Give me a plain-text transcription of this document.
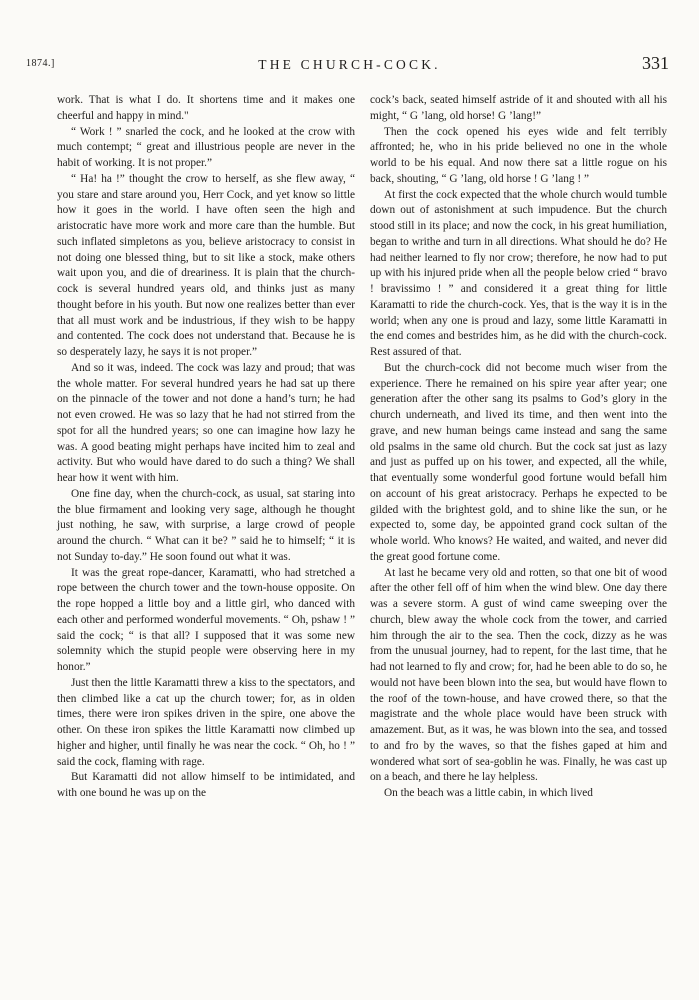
1874.]	THE CHURCH-COCK.	331

work. That is what I do. It shortens time and it makes one cheerful and happy in mind."

“ Work ! ” snarled the cock, and he looked at the crow with much contempt; “ great and illustrious people are never in the habit of working. It is not proper.”

“ Ha! ha !” thought the crow to herself, as she flew away, “ you stare and stare around you, Herr Cock, and yet know so little how it goes in the world. I have often seen the high and aristocratic have more work and more care than the humble. But such inflated simpletons as you, believe aristocracy to consist in not doing one blessed thing, but to sit like a stock, make others wait upon you, and die of dreariness. It is plain that the churchcock is several hundred years old, and thinks just as many thought before in his youth. But now one realizes better than ever that all must work and be industrious, if they wish to be happy and contented. The cock does not understand that. Because he is so desperately lazy, he says it is not proper.”

And so it was, indeed. The cock was lazy and proud; that was the whole matter. For several hundred years he had sat up there on the pinnacle of the tower and not done a hand’s turn; he had not even crowed. He was so lazy that he had not stirred from the spot for all the hundred years; so one can imagine how lazy he was. A good beating might perhaps have incited him to zeal and activity. But who would have dared to do such a thing? We shall hear how it went with him.

One fine day, when the church-cock, as usual, sat staring into the blue firmament and looking very sage, although he thought just nothing, he saw, with surprise, a large crowd of people around the church. “ What can it be? ” said he to himself; “ it is not Sunday to-day.” He soon found out what it was.

It was the great rope-dancer, Karamatti, who had stretched a rope between the church tower and the town-house opposite. On the rope hopped a little boy and a little girl, who danced with each other and performed wonderful movements. “ Oh, pshaw ! ” said the cock; “ is that all? I supposed that it was some new solemnity which the stupid people were observing here in my honor.”

Just then the little Karamatti threw a kiss to the spectators, and then climbed like a cat up the church tower; for, as in olden times, there were iron spikes driven in the spire, one above the other. On these iron spikes the little Karamatti now climbed up higher and higher, until finally he was near the cock. “ Oh, ho ! ” said the cock, flaming with rage.

But Karamatti did not allow himself to be intimidated, and with one bound he was up on the

cock’s back, seated himself astride of it and shouted with all his might, “ G ’lang, old horse! G ’lang!”

Then the cock opened his eyes wide and felt terribly affronted; he, who in his pride believed no one in the whole world to be his equal. And now there sat a little rogue on his back, shouting, “ G ’lang, old horse ! G ’lang ! ”

At first the cock expected that the whole church would tumble down out of astonishment at such impudence. But the church stood still in its place; and now the cock, in his great humiliation, began to writhe and turn in all directions. What should he do? He had neither learned to fly nor crow; therefore, he now had to put up with his injured pride when all the people below cried “ bravo ! bravissimo ! ” and considered it a great thing for little Karamatti to ride the church-cock. Yes, that is the way it is in the world; when any one is proud and lazy, some little Karamatti in the end comes and bestrides him, as he did with the church-cock. Rest assured of that.

But the church-cock did not become much wiser from the experience. There he remained on his spire year after year; one generation after the other sang its psalms to God’s glory in the church underneath, and lived its time, and then went into the grave, and new human beings came instead and sang the same old psalms in the same old church. But the cock sat just as lazy and just as puffed up on his tower, and expected, all the while, that eventually some wonderful good fortune would befall him on account of his great aristocracy. Perhaps he expected to be gilded with the brightest gold, and to shine like the sun, or he expected to, some day, be appointed grand cock sultan of the whole world. Who knows? He waited, and waited, and never did the great good fortune come.

At last he became very old and rotten, so that one bit of wood after the other fell off of him when the wind blew. One day there was a severe storm. A gust of wind came sweeping over the church, blew away the whole cock from the tower, and carried him through the air to the sea. Then the cock, dizzy as he was from the unusual journey, had to repent, for the last time, that he had not learned to fly and crow; for, had he been able to do so, he would not have been blown into the sea, but would have flown to the roof of the town-house, and have crowed there, so that the magistrate and the whole place would have been struck with amazement. But, as it was, he was blown into the sea, and tossed to and fro by the waves, so that the fishes gaped at him and wondered what sort of sea-goblin he was. Finally, he was cast up on a beach, and there he lay helpless.

On the beach was a little cabin, in which lived
